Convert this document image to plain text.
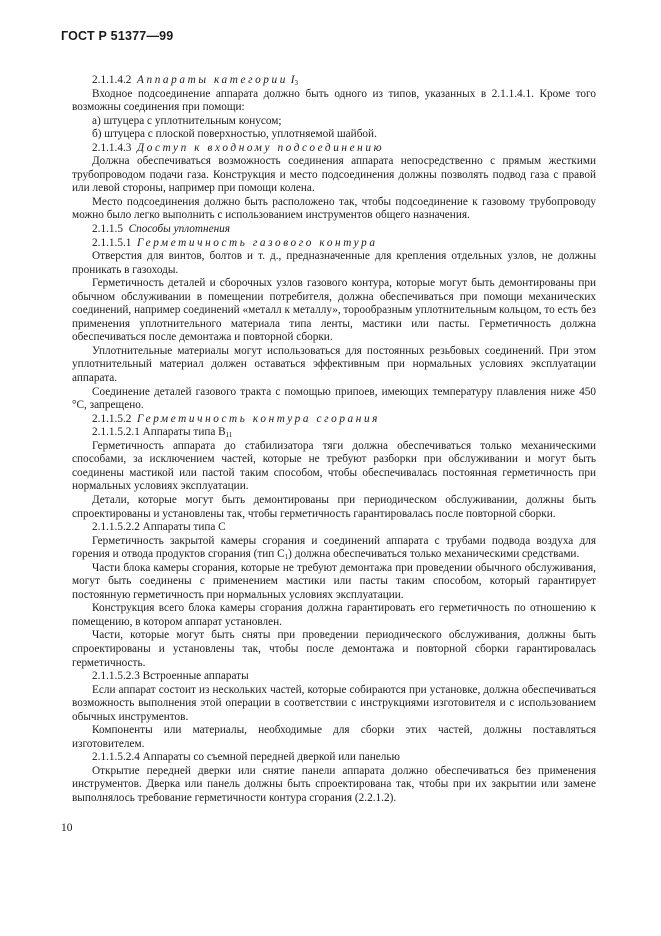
ГОСТ Р 51377—99

2.1.1.4.2 Аппараты категории $I_3$

Входное подсоединение аппарата должно быть одного из типов, указанных в 2.1.1.4.1. Кроме того возможны соединения при помощи:

а) штуцера с уплотнительным конусом;

б) штуцера с плоской поверхностью, уплотняемой шайбой.

2.1.1.4.3 Доступ к входному подсоединению

Должна обеспечиваться возможность соединения аппарата непосредственно с прямым жесткими трубопроводом подачи газа. Конструкция и место подсоединения должны позволять подвод газа с правой или левой стороны, например при помощи колена.

Место подсоединения должно быть расположено так, чтобы подсоединение к газовому трубопроводу можно было легко выполнить с использованием инструментов общего назначения.

2.1.1.5 Способы уплотнения

2.1.1.5.1 Герметичность газового контура

Отверстия для винтов, болтов и т. д., предназначенные для крепления отдельных узлов, не должны проникать в газоходы.

Герметичность деталей и сборочных узлов газового контура, которые могут быть демонтированы при обычном обслуживании в помещении потребителя, должна обеспечиваться при помощи механических соединений, например соединений «металл к металлу», торообразным уплотнительным кольцом, то есть без применения уплотнительного материала типа ленты, мастики или пасты. Герметичность должна обеспечиваться после демонтажа и повторной сборки.

Уплотнительные материалы могут использоваться для постоянных резьбовых соединений. При этом уплотнительный материал должен оставаться эффективным при нормальных условиях эксплуатации аппарата.

Соединение деталей газового тракта с помощью припоев, имеющих температуру плавления ниже 450 °С, запрещено.

2.1.1.5.2 Герметичность контура сгорания

2.1.1.5.2.1 Аппараты типа $В_{11}$

Герметичность аппарата до стабилизатора тяги должна обеспечиваться только механическими способами, за исключением частей, которые не требуют разборки при обслуживании и могут быть соединены мастикой или пастой таким способом, чтобы обеспечивалась постоянная герметичность при нормальных условиях эксплуатации.

Детали, которые могут быть демонтированы при периодическом обслуживании, должны быть спроектированы и установлены так, чтобы герметичность гарантировалась после повторной сборки.

2.1.1.5.2.2 Аппараты типа С

Герметичность закрытой камеры сгорания и соединений аппарата с трубами подвода воздуха для горения и отвода продуктов сгорания (тип $С_1$) должна обеспечиваться только механическими средствами.

Части блока камеры сгорания, которые не требуют демонтажа при проведении обычного обслуживания, могут быть соединены с применением мастики или пасты таким способом, который гарантирует постоянную герметичность при нормальных условиях эксплуатации.

Конструкция всего блока камеры сгорания должна гарантировать его герметичность по отношению к помещению, в котором аппарат установлен.

Части, которые могут быть сняты при проведении периодического обслуживания, должны быть спроектированы и установлены так, чтобы после демонтажа и повторной сборки гарантировалась герметичность.

2.1.1.5.2.3 Встроенные аппараты

Если аппарат состоит из нескольких частей, которые собираются при установке, должна обеспечиваться возможность выполнения этой операции в соответствии с инструкциями изготовителя и с использованием обычных инструментов.

Компоненты или материалы, необходимые для сборки этих частей, должны поставляться изготовителем.

2.1.1.5.2.4 Аппараты со съемной передней дверкой или панелью

Открытие передней дверки или снятие панели аппарата должно обеспечиваться без применения инструментов. Дверка или панель должны быть спроектирована так, чтобы при их закрытии или замене выполнялось требование герметичности контура сгорания (2.2.1.2).

10
